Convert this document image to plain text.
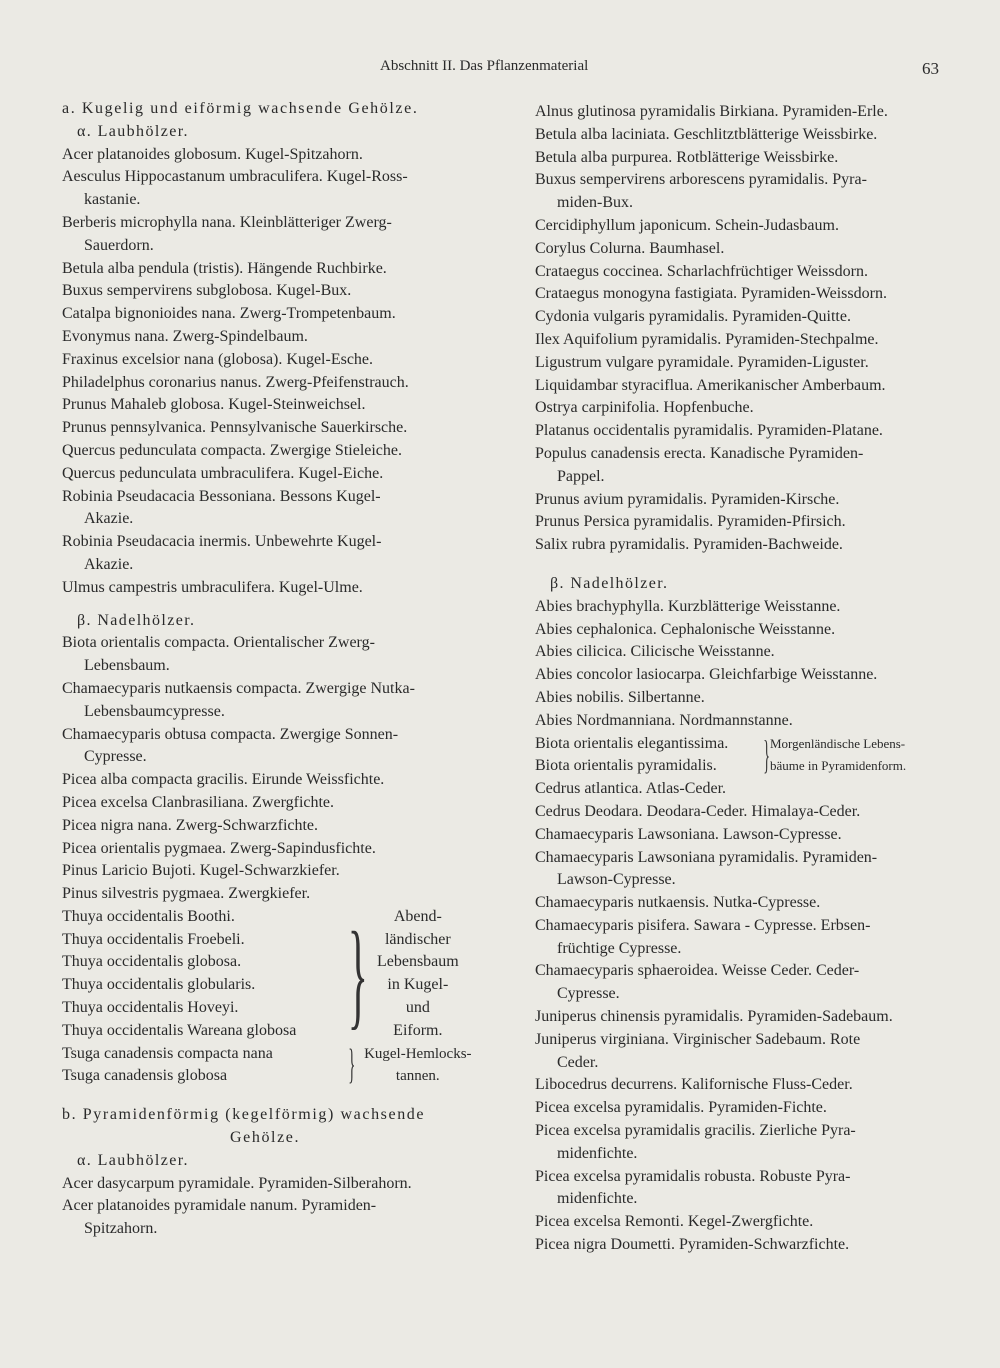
Abschnitt II. Das Pflanzenmaterial	63
a. Kugelig und eiförmig wachsende Gehölze.
α. Laubhölzer.
Acer platanoides globosum. Kugel-Spitzahorn.
Aesculus Hippocastanum umbraculifera. Kugel-Ross-
kastanie.
Berberis microphylla nana. Kleinblätteriger Zwerg-
Sauerdorn.
Betula alba pendula (tristis). Hängende Ruchbirke.
Buxus sempervirens subglobosa. Kugel-Bux.
Catalpa bignonioides nana. Zwerg-Trompetenbaum.
Evonymus nana. Zwerg-Spindelbaum.
Fraxinus excelsior nana (globosa). Kugel-Esche.
Philadelphus coronarius nanus. Zwerg-Pfeifenstrauch.
Prunus Mahaleb globosa. Kugel-Steinweichsel.
Prunus pennsylvanica. Pennsylvanische Sauerkirsche.
Quercus pedunculata compacta. Zwergige Stieleiche.
Quercus pedunculata umbraculifera. Kugel-Eiche.
Robinia Pseudacacia Bessoniana. Bessons Kugel-
Akazie.
Robinia Pseudacacia inermis. Unbewehrte Kugel-
Akazie.
Ulmus campestris umbraculifera. Kugel-Ulme.
β. Nadelhölzer.
Biota orientalis compacta. Orientalischer Zwerg-
Lebensbaum.
Chamaecyparis nutkaensis compacta. Zwergige Nutka-
Lebensbaumcypresse.
Chamaecyparis obtusa compacta. Zwergige Sonnen-
Cypresse.
Picea alba compacta gracilis. Eirunde Weissfichte.
Picea excelsa Clanbrasiliana. Zwergfichte.
Picea nigra nana. Zwerg-Schwarzfichte.
Picea orientalis pygmaea. Zwerg-Sapindusfichte.
Pinus Laricio Bujoti. Kugel-Schwarzkiefer.
Pinus silvestris pygmaea. Zwergkiefer.
Thuya occidentalis Boothi.
Thuya occidentalis Froebeli.
Thuya occidentalis globosa.
Thuya occidentalis globularis.
Thuya occidentalis Hoveyi.
Thuya occidentalis Wareana globosa }	Abend-
ländischer
Lebensbaum
in Kugel-
und
Eiform.
Tsuga canadensis compacta nana
Tsuga canadensis globosa	} Kugel-Hemlocks-
tannen.
b. Pyramidenförmig (kegelförmig) wachsende
Gehölze.
α. Laubhölzer.
Acer dasycarpum pyramidale. Pyramiden-Silberahorn.
Acer platanoides pyramidale nanum. Pyramiden-
Spitzahorn.
Alnus glutinosa pyramidalis Birkiana. Pyramiden-Erle.
Betula alba laciniata. Geschlitztblätterige Weissbirke.
Betula alba purpurea. Rotblätterige Weissbirke.
Buxus sempervirens arborescens pyramidalis. Pyra-
miden-Bux.
Cercidiphyllum japonicum. Schein-Judasbaum.
Corylus Colurna. Baumhasel.
Crataegus coccinea. Scharlachfrüchtiger Weissdorn.
Crataegus monogyna fastigiata. Pyramiden-Weissdorn.
Cydonia vulgaris pyramidalis. Pyramiden-Quitte.
Ilex Aquifolium pyramidalis. Pyramiden-Stechpalme.
Ligustrum vulgare pyramidale. Pyramiden-Liguster.
Liquidambar styraciflua. Amerikanischer Amberbaum.
Ostrya carpinifolia. Hopfenbuche.
Platanus occidentalis pyramidalis. Pyramiden-Platane.
Populus canadensis erecta. Kanadische Pyramiden-
Pappel.
Prunus avium pyramidalis. Pyramiden-Kirsche.
Prunus Persica pyramidalis. Pyramiden-Pfirsich.
Salix rubra pyramidalis. Pyramiden-Bachweide.
β. Nadelhölzer.
Abies brachyphylla. Kurzblätterige Weisstanne.
Abies cephalonica. Cephalonische Weisstanne.
Abies cilicica. Cilicische Weisstanne.
Abies concolor lasiocarpa. Gleichfarbige Weisstanne.
Abies nobilis. Silbertanne.
Abies Nordmanniana. Nordmannstanne.
Biota orientalis elegantissima.
Biota orientalis pyramidalis.	} Morgenländische Lebens-
bäume in Pyramidenform.
Cedrus atlantica. Atlas-Ceder.
Cedrus Deodara. Deodara-Ceder. Himalaya-Ceder.
Chamaecyparis Lawsoniana. Lawson-Cypresse.
Chamaecyparis Lawsoniana pyramidalis. Pyramiden-
Lawson-Cypresse.
Chamaecyparis nutkaensis. Nutka-Cypresse.
Chamaecyparis pisifera. Sawara - Cypresse. Erbsen-
früchtige Cypresse.
Chamaecyparis sphaeroidea. Weisse Ceder. Ceder-
Cypresse.
Juniperus chinensis pyramidalis. Pyramiden-Sadebaum.
Juniperus virginiana. Virginischer Sadebaum. Rote
Ceder.
Libocedrus decurrens. Kalifornische Fluss-Ceder.
Picea excelsa pyramidalis. Pyramiden-Fichte.
Picea excelsa pyramidalis gracilis. Zierliche Pyra-
midenfichte.
Picea excelsa pyramidalis robusta. Robuste Pyra-
midenfichte.
Picea excelsa Remonti. Kegel-Zwergfichte.
Picea nigra Doumetti. Pyramiden-Schwarzfichte.
